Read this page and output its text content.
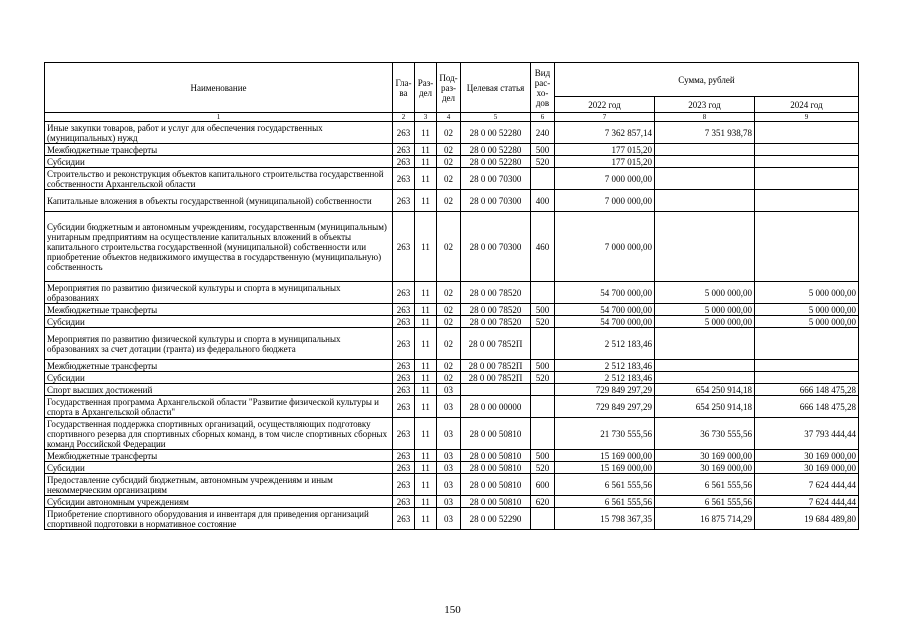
Наименование	Гла-ва	Раз-дел	Под-раз-дел	Целевая статья	Вид рас-хо-дов	Сумма, рублей		
						2022 год	2023 год	2024 год
1	2	3	4	5	6	7	8	9
Иные закупки товаров, работ и услуг для обеспечения государственных (муниципальных) нужд	263	11	02	28 0 00 52280	240	7 362 857,14	7 351 938,78	
Межбюджетные трансферты	263	11	02	28 0 00 52280	500	177 015,20		
Субсидии	263	11	02	28 0 00 52280	520	177 015,20		
Строительство и реконструкция объектов капитального строительства государственной собственности Архангельской области	263	11	02	28 0 00 70300		7 000 000,00		
Капитальные вложения в объекты государственной (муниципальной) собственности	263	11	02	28 0 00 70300	400	7 000 000,00		
Субсидии бюджетным и автономным учреждениям, государственным (муниципальным) унитарным предприятиям на осуществление капитальных вложений в объекты капитального строительства государственной (муниципальной) собственности или приобретение объектов недвижимого имущества в государственную (муниципальную) собственность	263	11	02	28 0 00 70300	460	7 000 000,00		
Мероприятия по развитию физической культуры и спорта в муниципальных образованиях	263	11	02	28 0 00 78520		54 700 000,00	5 000 000,00	5 000 000,00
Межбюджетные трансферты	263	11	02	28 0 00 78520	500	54 700 000,00	5 000 000,00	5 000 000,00
Субсидии	263	11	02	28 0 00 78520	520	54 700 000,00	5 000 000,00	5 000 000,00
Мероприятия по развитию физической культуры и спорта в муниципальных образованиях за счет дотации (гранта) из федерального бюджета	263	11	02	28 0 00 7852П		2 512 183,46		
Межбюджетные трансферты	263	11	02	28 0 00 7852П	500	2 512 183,46		
Субсидии	263	11	02	28 0 00 7852П	520	2 512 183,46		
Спорт высших достижений	263	11	03			729 849 297,29	654 250 914,18	666 148 475,28
Государственная программа Архангельской области "Развитие физической культуры и спорта в Архангельской области"	263	11	03	28 0 00 00000		729 849 297,29	654 250 914,18	666 148 475,28
Государственная поддержка спортивных организаций, осуществляющих подготовку спортивного резерва для спортивных сборных команд, в том числе спортивных сборных команд Российской Федерации	263	11	03	28 0 00 50810		21 730 555,56	36 730 555,56	37 793 444,44
Межбюджетные трансферты	263	11	03	28 0 00 50810	500	15 169 000,00	30 169 000,00	30 169 000,00
Субсидии	263	11	03	28 0 00 50810	520	15 169 000,00	30 169 000,00	30 169 000,00
Предоставление субсидий бюджетным, автономным учреждениям и иным некоммерческим организациям	263	11	03	28 0 00 50810	600	6 561 555,56	6 561 555,56	7 624 444,44
Субсидии автономным учреждениям	263	11	03	28 0 00 50810	620	6 561 555,56	6 561 555,56	7 624 444,44
Приобретение спортивного оборудования и инвентаря для приведения организаций спортивной подготовки в нормативное состояние	263	11	03	28 0 00 52290		15 798 367,35	16 875 714,29	19 684 489,80
150
